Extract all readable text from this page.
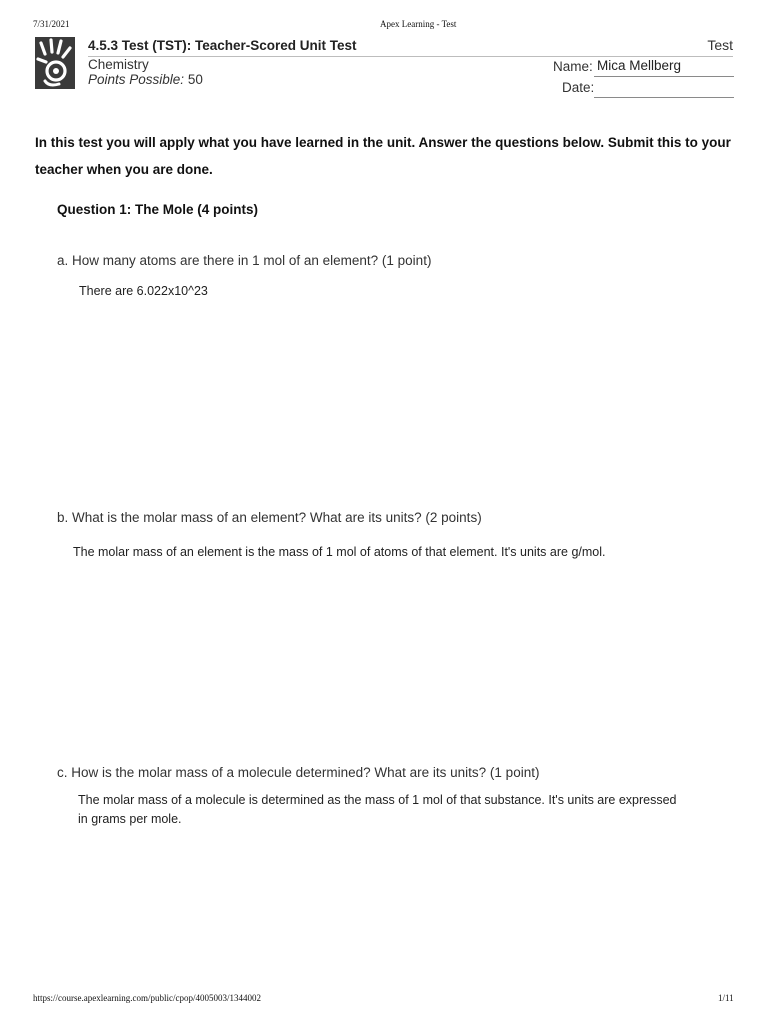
7/31/2021	Apex Learning - Test
4.5.3 Test (TST): Teacher-Scored Unit Test	Test
Chemistry
Points Possible: 50
Name: Mica Mellberg
Date:
In this test you will apply what you have learned in the unit. Answer the questions below. Submit this to your teacher when you are done.
Question 1: The Mole (4 points)
a. How many atoms are there in 1 mol of an element? (1 point)
There are 6.022x10^23
b. What is the molar mass of an element? What are its units? (2 points)
The molar mass of an element is the mass of 1 mol of atoms of that element. It's units are g/mol.
c. How is the molar mass of a molecule determined? What are its units? (1 point)
The molar mass of a molecule is determined as the mass of 1 mol of that substance. It's units are expressed in grams per mole.
https://course.apexlearning.com/public/cpop/4005003/1344002	1/11
